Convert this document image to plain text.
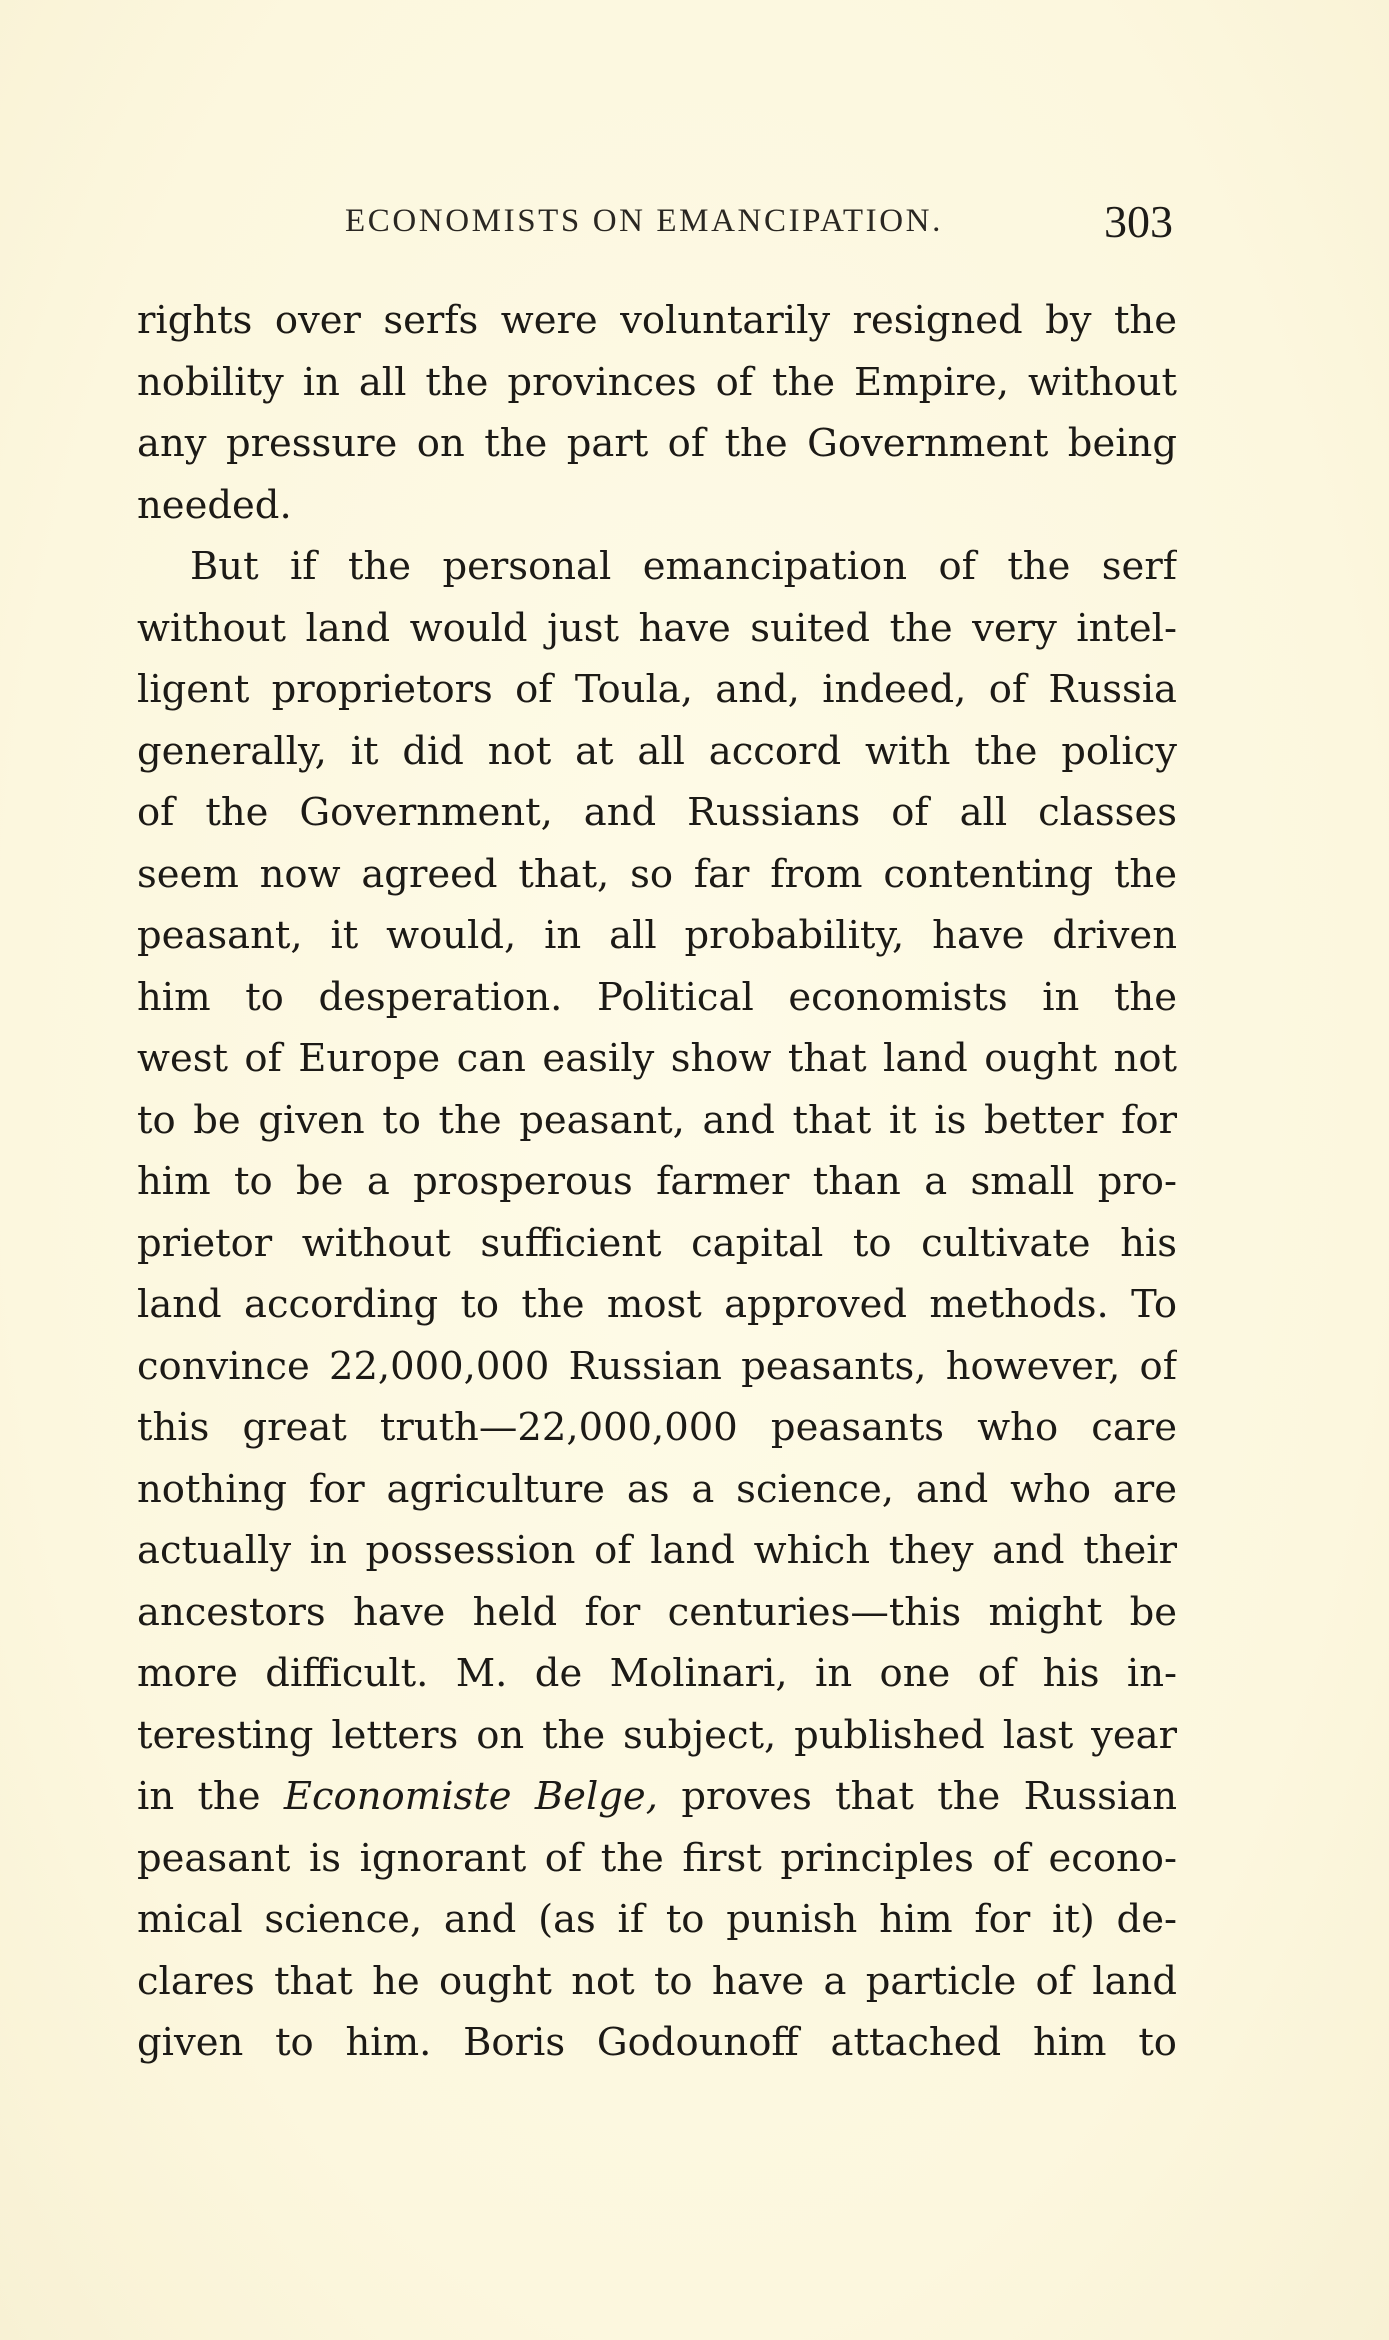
ECONOMISTS ON EMANCIPATION.	303
rights over serfs were voluntarily resigned by the
nobility in all the provinces of the Empire, without
any pressure on the part of the Government being
needed.
But if the personal emancipation of the serf
without land would just have suited the very intel-
ligent proprietors of Toula, and, indeed, of Russia
generally, it did not at all accord with the policy
of the Government, and Russians of all classes
seem now agreed that, so far from contenting the
peasant, it would, in all probability, have driven
him to desperation. Political economists in the
west of Europe can easily show that land ought not
to be given to the peasant, and that it is better for
him to be a prosperous farmer than a small pro-
prietor without sufficient capital to cultivate his
land according to the most approved methods. To
convince 22,000,000 Russian peasants, however, of
this great truth—22,000,000 peasants who care
nothing for agriculture as a science, and who are
actually in possession of land which they and their
ancestors have held for centuries—this might be
more difficult. M. de Molinari, in one of his in-
teresting letters on the subject, published last year
in the Economiste Belge, proves that the Russian
peasant is ignorant of the first principles of econo-
mical science, and (as if to punish him for it) de-
clares that he ought not to have a particle of land
given to him. Boris Godounoff attached him to
